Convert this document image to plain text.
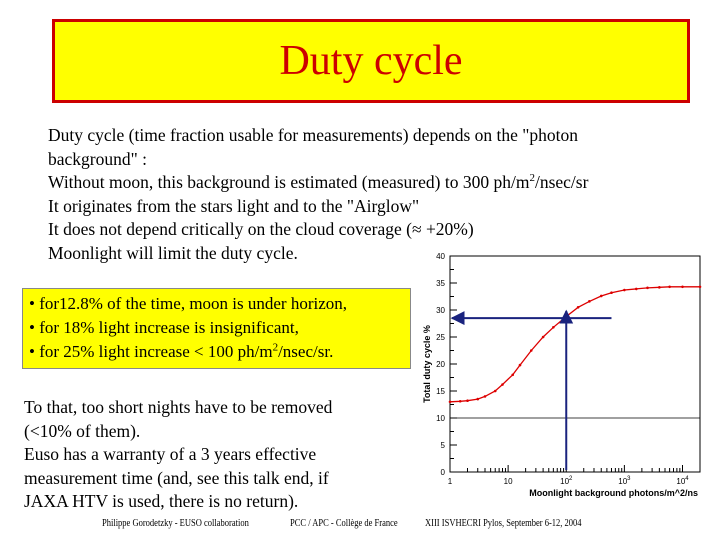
Duty cycle
Duty cycle (time fraction usable for measurements) depends on the "photon
background" :
Without moon, this background is estimated (measured) to 300 $ph/m^2/nsec/sr$
It originates from the stars light and to the "Airglow"
It does not depend critically on the cloud coverage (≈ +20%)
Moonlight will limit the duty cycle.
• for12.8% of the time, moon is under horizon,
• for 18% light increase is insignificant,
• for 25% light increase < 100 $ph/m^2/nsec/sr$.
To that, too short nights have to be removed
(<10% of them).
Euso has a warranty of a 3 years effective
measurement time (and, see this talk end, if
JAXA HTV is used, there is no return).
0
5
10
15
20
25
30
35
40
1	10	$10^2$	$10^3$	$10^4$
Total duty cycle %
Moonlight background photons/m^2/ns
Philippe Gorodetzky - EUSO collaboration	PCC / APC - Collège de France	XIII ISVHECRI Pylos, September 6-12, 2004
